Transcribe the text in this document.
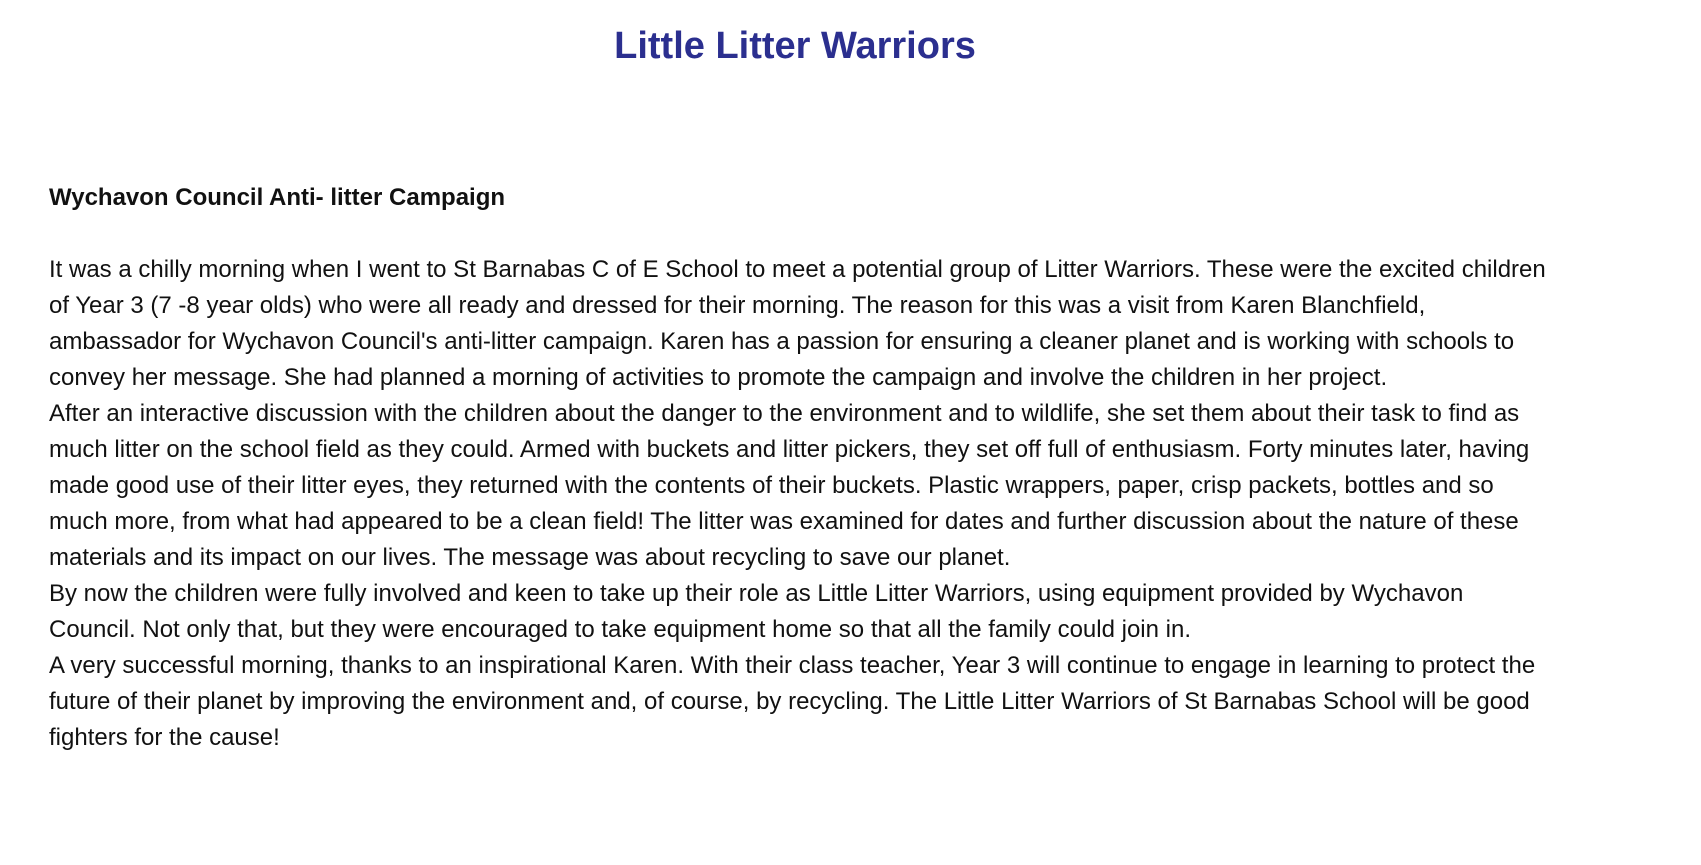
Little Litter Warriors
Wychavon Council Anti- litter Campaign

It was a chilly morning when I went to St Barnabas C of E School to meet a potential group of Litter Warriors. These were the excited children of Year 3 (7 -8 year olds) who were all ready and dressed for their morning. The reason for this was a visit from Karen Blanchfield, ambassador for Wychavon Council's anti-litter campaign. Karen has a passion for ensuring a cleaner planet and is working with schools to convey her message. She had planned a morning of activities to promote the campaign and involve the children in her project.

After an interactive discussion with the children about the danger to the environment and to wildlife, she set them about their task to find as much litter on the school field as they could. Armed with buckets and litter pickers, they set off full of enthusiasm. Forty minutes later, having made good use of their litter eyes, they returned with the contents of their buckets. Plastic wrappers, paper, crisp packets, bottles and so much more, from what had appeared to be a clean field! The litter was examined for dates and further discussion about the nature of these materials and its impact on our lives. The message was about recycling to save our planet.

By now the children were fully involved and keen to take up their role as Little Litter Warriors, using equipment provided by Wychavon Council. Not only that, but they were encouraged to take equipment home so that all the family could join in.

A very successful morning, thanks to an inspirational Karen. With their class teacher, Year 3 will continue to engage in learning to protect the future of their planet by improving the environment and, of course, by recycling. The Little Litter Warriors of St Barnabas School will be good fighters for the cause!
